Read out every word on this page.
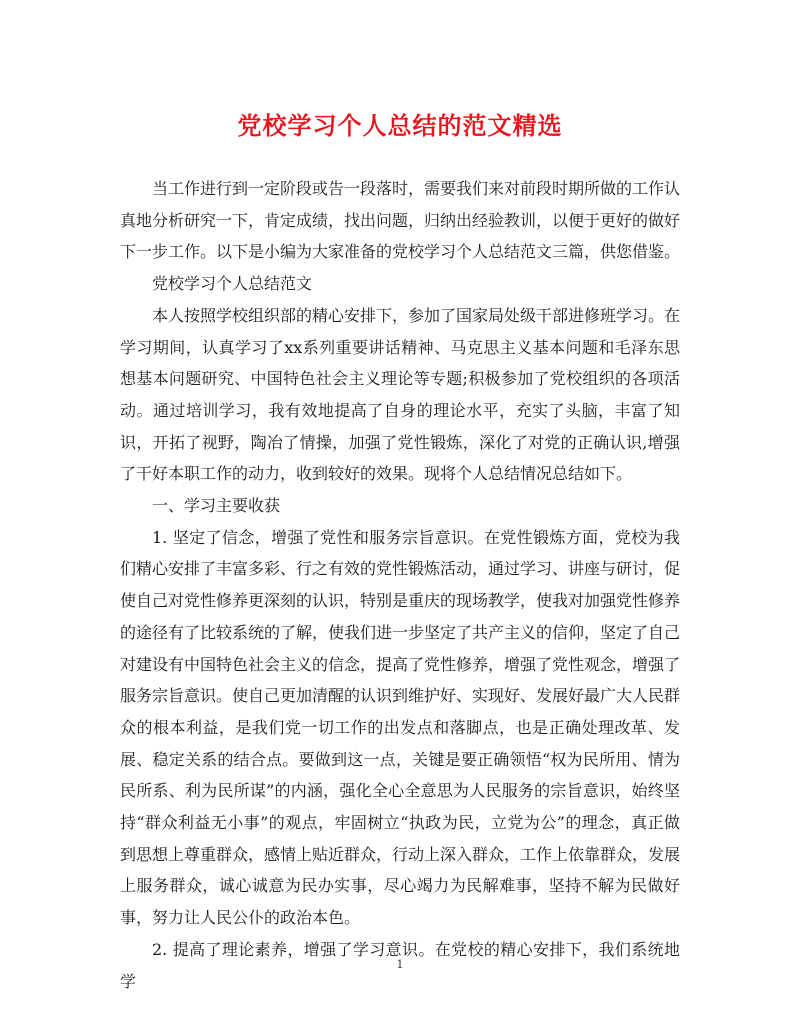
党校学习个人总结的范文精选

当工作进行到一定阶段或告一段落时，需要我们来对前段时期所做的工作认真地分析研究一下，肯定成绩，找出问题，归纳出经验教训，以便于更好的做好下一步工作。以下是小编为大家准备的党校学习个人总结范文三篇，供您借鉴。

党校学习个人总结范文

本人按照学校组织部的精心安排下，参加了国家局处级干部进修班学习。在学习期间，认真学习了xx系列重要讲话精神、马克思主义基本问题和毛泽东思想基本问题研究、中国特色社会主义理论等专题;积极参加了党校组织的各项活动。通过培训学习，我有效地提高了自身的理论水平，充实了头脑，丰富了知识，开拓了视野，陶冶了情操，加强了党性锻炼，深化了对党的正确认识,增强了干好本职工作的动力，收到较好的效果。现将个人总结情况总结如下。

一、学习主要收获

1. 坚定了信念，增强了党性和服务宗旨意识。在党性锻炼方面，党校为我们精心安排了丰富多彩、行之有效的党性锻炼活动，通过学习、讲座与研讨，促使自己对党性修养更深刻的认识，特别是重庆的现场教学，使我对加强党性修养的途径有了比较系统的了解，使我们进一步坚定了共产主义的信仰，坚定了自己对建设有中国特色社会主义的信念，提高了党性修养，增强了党性观念，增强了服务宗旨意识。使自己更加清醒的认识到维护好、实现好、发展好最广大人民群众的根本利益，是我们党一切工作的出发点和落脚点，也是正确处理改革、发展、稳定关系的结合点。要做到这一点，关键是要正确领悟“权为民所用、情为民所系、利为民所谋”的内涵，强化全心全意思为人民服务的宗旨意识，始终坚持“群众利益无小事”的观点，牢固树立“执政为民，立党为公”的理念，真正做到思想上尊重群众，感情上贴近群众，行动上深入群众，工作上依靠群众，发展上服务群众，诚心诚意为民办实事，尽心竭力为民解难事，坚持不解为民做好事，努力让人民公仆的政治本色。

2. 提高了理论素养，增强了学习意识。在党校的精心安排下，我们系统地学

1
